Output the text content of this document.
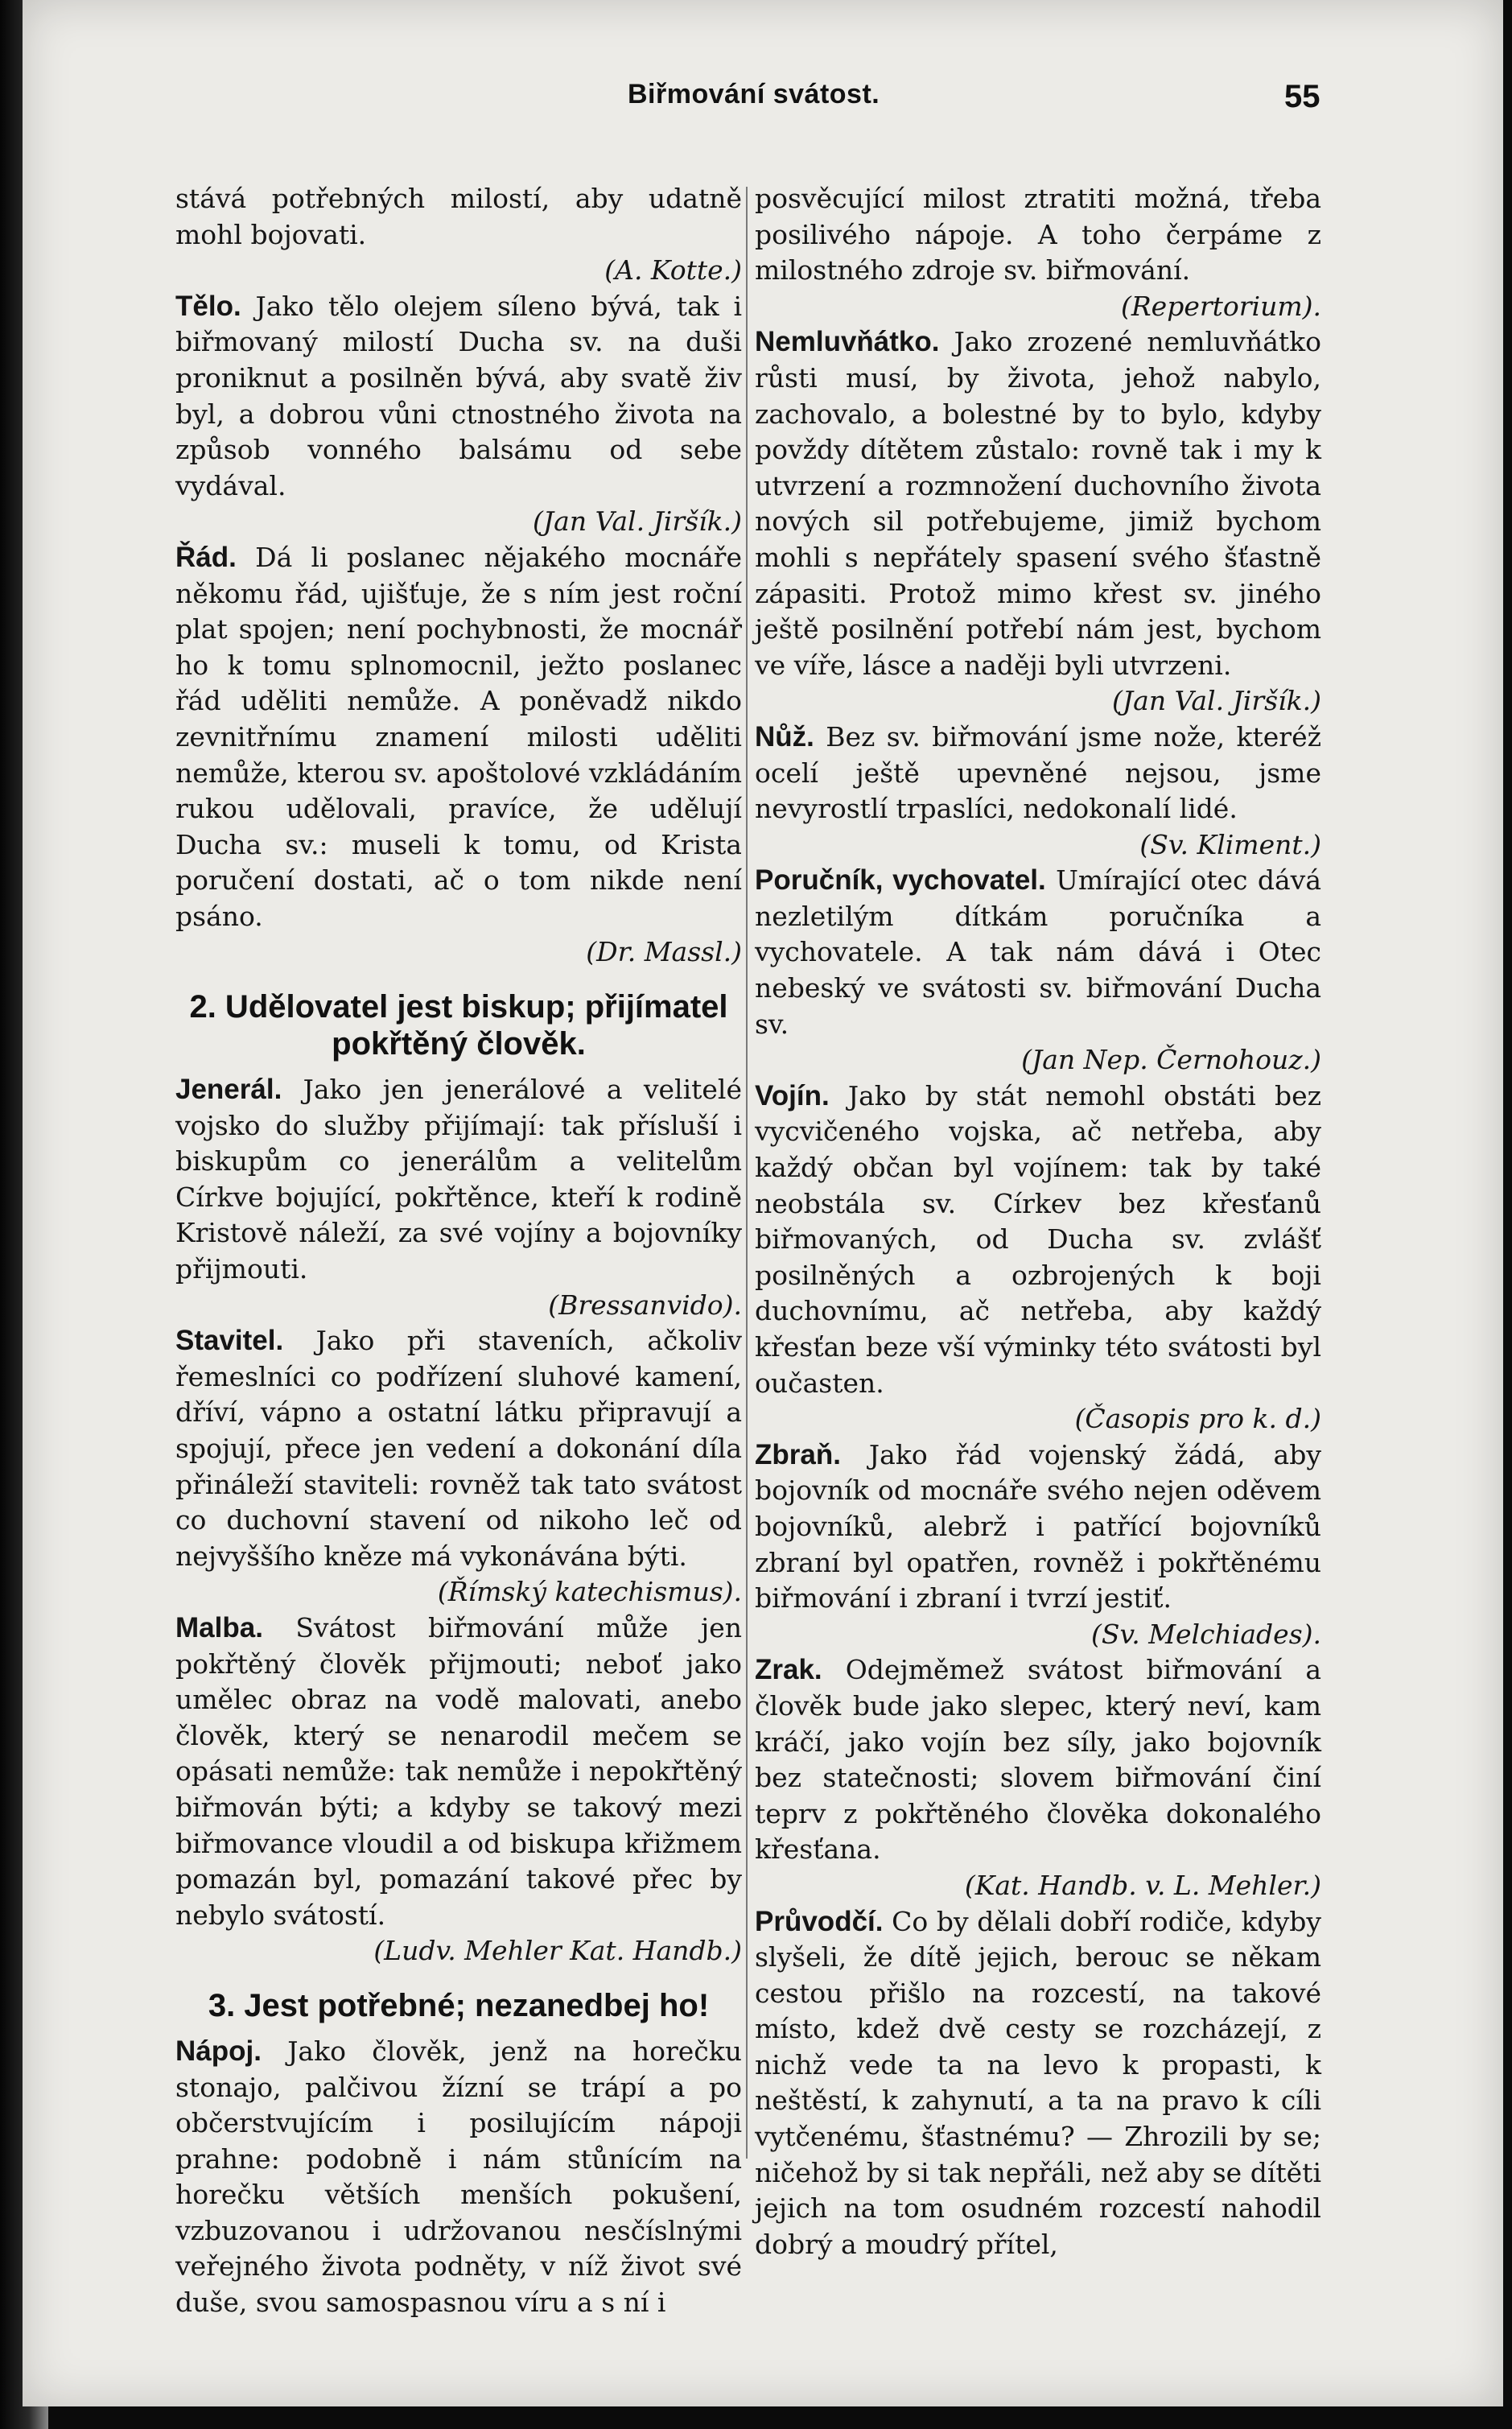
Biřmování svátost.	55

stává potřebných milostí, aby udatně mohl bojovati.

(A. Kotte.)

Tělo. Jako tělo olejem síleno bývá, tak i biřmovaný milostí Ducha sv. na duši proniknut a posilněn bývá, aby svatě živ byl, a dobrou vůni ctnostného života na způsob vonného balsámu od sebe vydával.

(Jan Val. Jiršík.)

Řád. Dá li poslanec nějakého mocnáře někomu řád, ujišťuje, že s ním jest roční plat spojen; není pochybnosti, že mocnář ho k tomu splnomocnil, ježto poslanec řád uděliti nemůže. A poněvadž nikdo zevnitřnímu znamení milosti uděliti nemůže, kterou sv. apoštolové vzkládáním rukou udělovali, pravíce, že udělují Ducha sv.: museli k tomu, od Krista poručení dostati, ač o tom nikde není psáno.

(Dr. Massl.)

2. Udělovatel jest biskup; přijímatel pokřtěný člověk.

Jenerál. Jako jen jenerálové a velitelé vojsko do služby přijímají: tak přísluší i biskupům co jenerálům a velitelům Církve bojující, pokřtěnce, kteří k rodině Kristově náleží, za své vojíny a bojovníky přijmouti.

(Bressanvido).

Stavitel. Jako při staveních, ačkoliv řemeslníci co podřízení sluhové kamení, dříví, vápno a ostatní látku připravují a spojují, přece jen vedení a dokonání díla přináleží staviteli: rovněž tak tato svátost co duchovní stavení od nikoho leč od nejvyššího kněze má vykonávána býti.

(Římský katechismus).

Malba. Svátost biřmování může jen pokřtěný člověk přijmouti; neboť jako umělec obraz na vodě malovati, anebo člověk, který se nenarodil mečem se opásati nemůže: tak nemůže i nepokřtěný biřmován býti; a kdyby se takový mezi biřmovance vloudil a od biskupa křižmem pomazán byl, pomazání takové přec by nebylo svátostí.

(Ludv. Mehler Kat. Handb.)

3. Jest potřebné; nezanedbej ho!

Nápoj. Jako člověk, jenž na horečku stonajo, palčivou žízní se trápí a po občerstvujícím i posilujícím nápoji prahne: podobně i nám stůnícím na horečku větších menších pokušení, vzbuzovanou i udržovanou nesčíslnými veřejného života podněty, v níž život své duše, svou samospasnou víru a s ní i

posvěcující milost ztratiti možná, třeba posilivého nápoje. A toho čerpáme z milostného zdroje sv. biřmování.

(Repertorium).

Nemluvňátko. Jako zrozené nemluvňátko růsti musí, by života, jehož nabylo, zachovalo, a bolestné by to bylo, kdyby povždy dítětem zůstalo: rovně tak i my k utvrzení a rozmnožení duchovního života nových sil potřebujeme, jimiž bychom mohli s nepřátely spasení svého šťastně zápasiti. Protož mimo křest sv. jiného ještě posilnění potřebí nám jest, bychom ve víře, lásce a naději byli utvrzeni.

(Jan Val. Jiršík.)

Nůž. Bez sv. biřmování jsme nože, kteréž ocelí ještě upevněné nejsou, jsme nevyrostlí trpaslíci, nedokonalí lidé.

(Sv. Kliment.)

Poručník, vychovatel. Umírající otec dává nezletilým dítkám poručníka a vychovatele. A tak nám dává i Otec nebeský ve svátosti sv. biřmování Ducha sv.

(Jan Nep. Černohouz.)

Vojín. Jako by stát nemohl obstáti bez vycvičeného vojska, ač netřeba, aby každý občan byl vojínem: tak by také neobstála sv. Církev bez křesťanů biřmovaných, od Ducha sv. zvlášť posilněných a ozbrojených k boji duchovnímu, ač netřeba, aby každý křesťan beze vší výminky této svátosti byl oučasten.

(Časopis pro k. d.)

Zbraň. Jako řád vojenský žádá, aby bojovník od mocnáře svého nejen oděvem bojovníků, alebrž i patřící bojovníků zbraní byl opatřen, rovněž i pokřtěnému biřmování i zbraní i tvrzí jestiť.

(Sv. Melchiades).

Zrak. Odejměmež svátost biřmování a člověk bude jako slepec, který neví, kam kráčí, jako vojín bez síly, jako bojovník bez statečnosti; slovem biřmování činí teprv z pokřtěného člověka dokonalého křesťana.

(Kat. Handb. v. L. Mehler.)

Průvodčí. Co by dělali dobří rodiče, kdyby slyšeli, že dítě jejich, berouc se někam cestou přišlo na rozcestí, na takové místo, kdež dvě cesty se rozcházejí, z nichž vede ta na levo k propasti, k neštěstí, k zahynutí, a ta na pravo k cíli vytčenému, šťastnému? — Zhrozili by se; ničehož by si tak nepřáli, než aby se dítěti jejich na tom osudném rozcestí nahodil dobrý a moudrý přítel,
